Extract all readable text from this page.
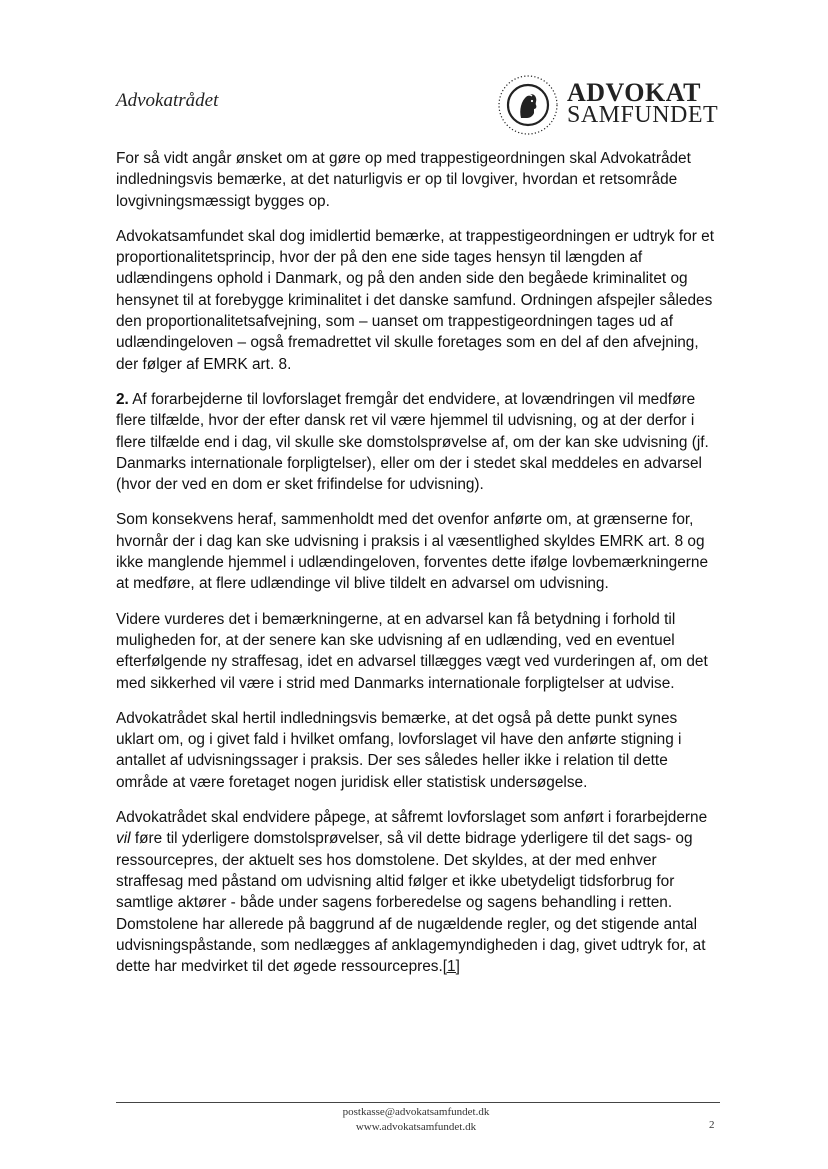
Advokatrådet	ADVOKAT
SAMFUNDET

For så vidt angår ønsket om at gøre op med trappestigeordningen skal Advokatrådet indledningsvis bemærke, at det naturligvis er op til lovgiver, hvordan et retsområde lovgivningsmæssigt bygges op.

Advokatsamfundet skal dog imidlertid bemærke, at trappestigeordningen er udtryk for et proportionalitetsprincip, hvor der på den ene side tages hensyn til længden af udlændingens ophold i Danmark, og på den anden side den begåede kriminalitet og hensynet til at forebygge kriminalitet i det danske samfund. Ordningen afspejler således den proportionalitetsafvejning, som – uanset om trappestigeordningen tages ud af udlændingeloven – også fremadrettet vil skulle foretages som en del af den afvejning, der følger af EMRK art. 8.

2. Af forarbejderne til lovforslaget fremgår det endvidere, at lovændringen vil medføre flere tilfælde, hvor der efter dansk ret vil være hjemmel til udvisning, og at der derfor i flere tilfælde end i dag, vil skulle ske domstolsprøvelse af, om der kan ske udvisning (jf. Danmarks internationale forpligtelser), eller om der i stedet skal meddeles en advarsel (hvor der ved en dom er sket frifindelse for udvisning).

Som konsekvens heraf, sammenholdt med det ovenfor anførte om, at grænserne for, hvornår der i dag kan ske udvisning i praksis i al væsentlighed skyldes EMRK art. 8 og ikke manglende hjemmel i udlændingeloven, forventes dette ifølge lovbemærkningerne at medføre, at flere udlændinge vil blive tildelt en advarsel om udvisning.

Videre vurderes det i bemærkningerne, at en advarsel kan få betydning i forhold til muligheden for, at der senere kan ske udvisning af en udlænding, ved en eventuel efterfølgende ny straffesag, idet en advarsel tillægges vægt ved vurderingen af, om det med sikkerhed vil være i strid med Danmarks internationale forpligtelser at udvise.

Advokatrådet skal hertil indledningsvis bemærke, at det også på dette punkt synes uklart om, og i givet fald i hvilket omfang, lovforslaget vil have den anførte stigning i antallet af udvisningssager i praksis. Der ses således heller ikke i relation til dette område at være foretaget nogen juridisk eller statistisk undersøgelse.

Advokatrådet skal endvidere påpege, at såfremt lovforslaget som anført i forarbejderne vil føre til yderligere domstolsprøvelser, så vil dette bidrage yderligere til det sags- og ressourcepres, der aktuelt ses hos domstolene. Det skyldes, at der med enhver straffesag med påstand om udvisning altid følger et ikke ubetydeligt tidsforbrug for samtlige aktører - både under sagens forberedelse og sagens behandling i retten. Domstolene har allerede på baggrund af de nugældende regler, og det stigende antal udvisningspåstande, som nedlægges af anklagemyndigheden i dag, givet udtryk for, at dette har medvirket til det øgede ressourcepres.[1]

postkasse@advokatsamfundet.dk
www.advokatsamfundet.dk	2
